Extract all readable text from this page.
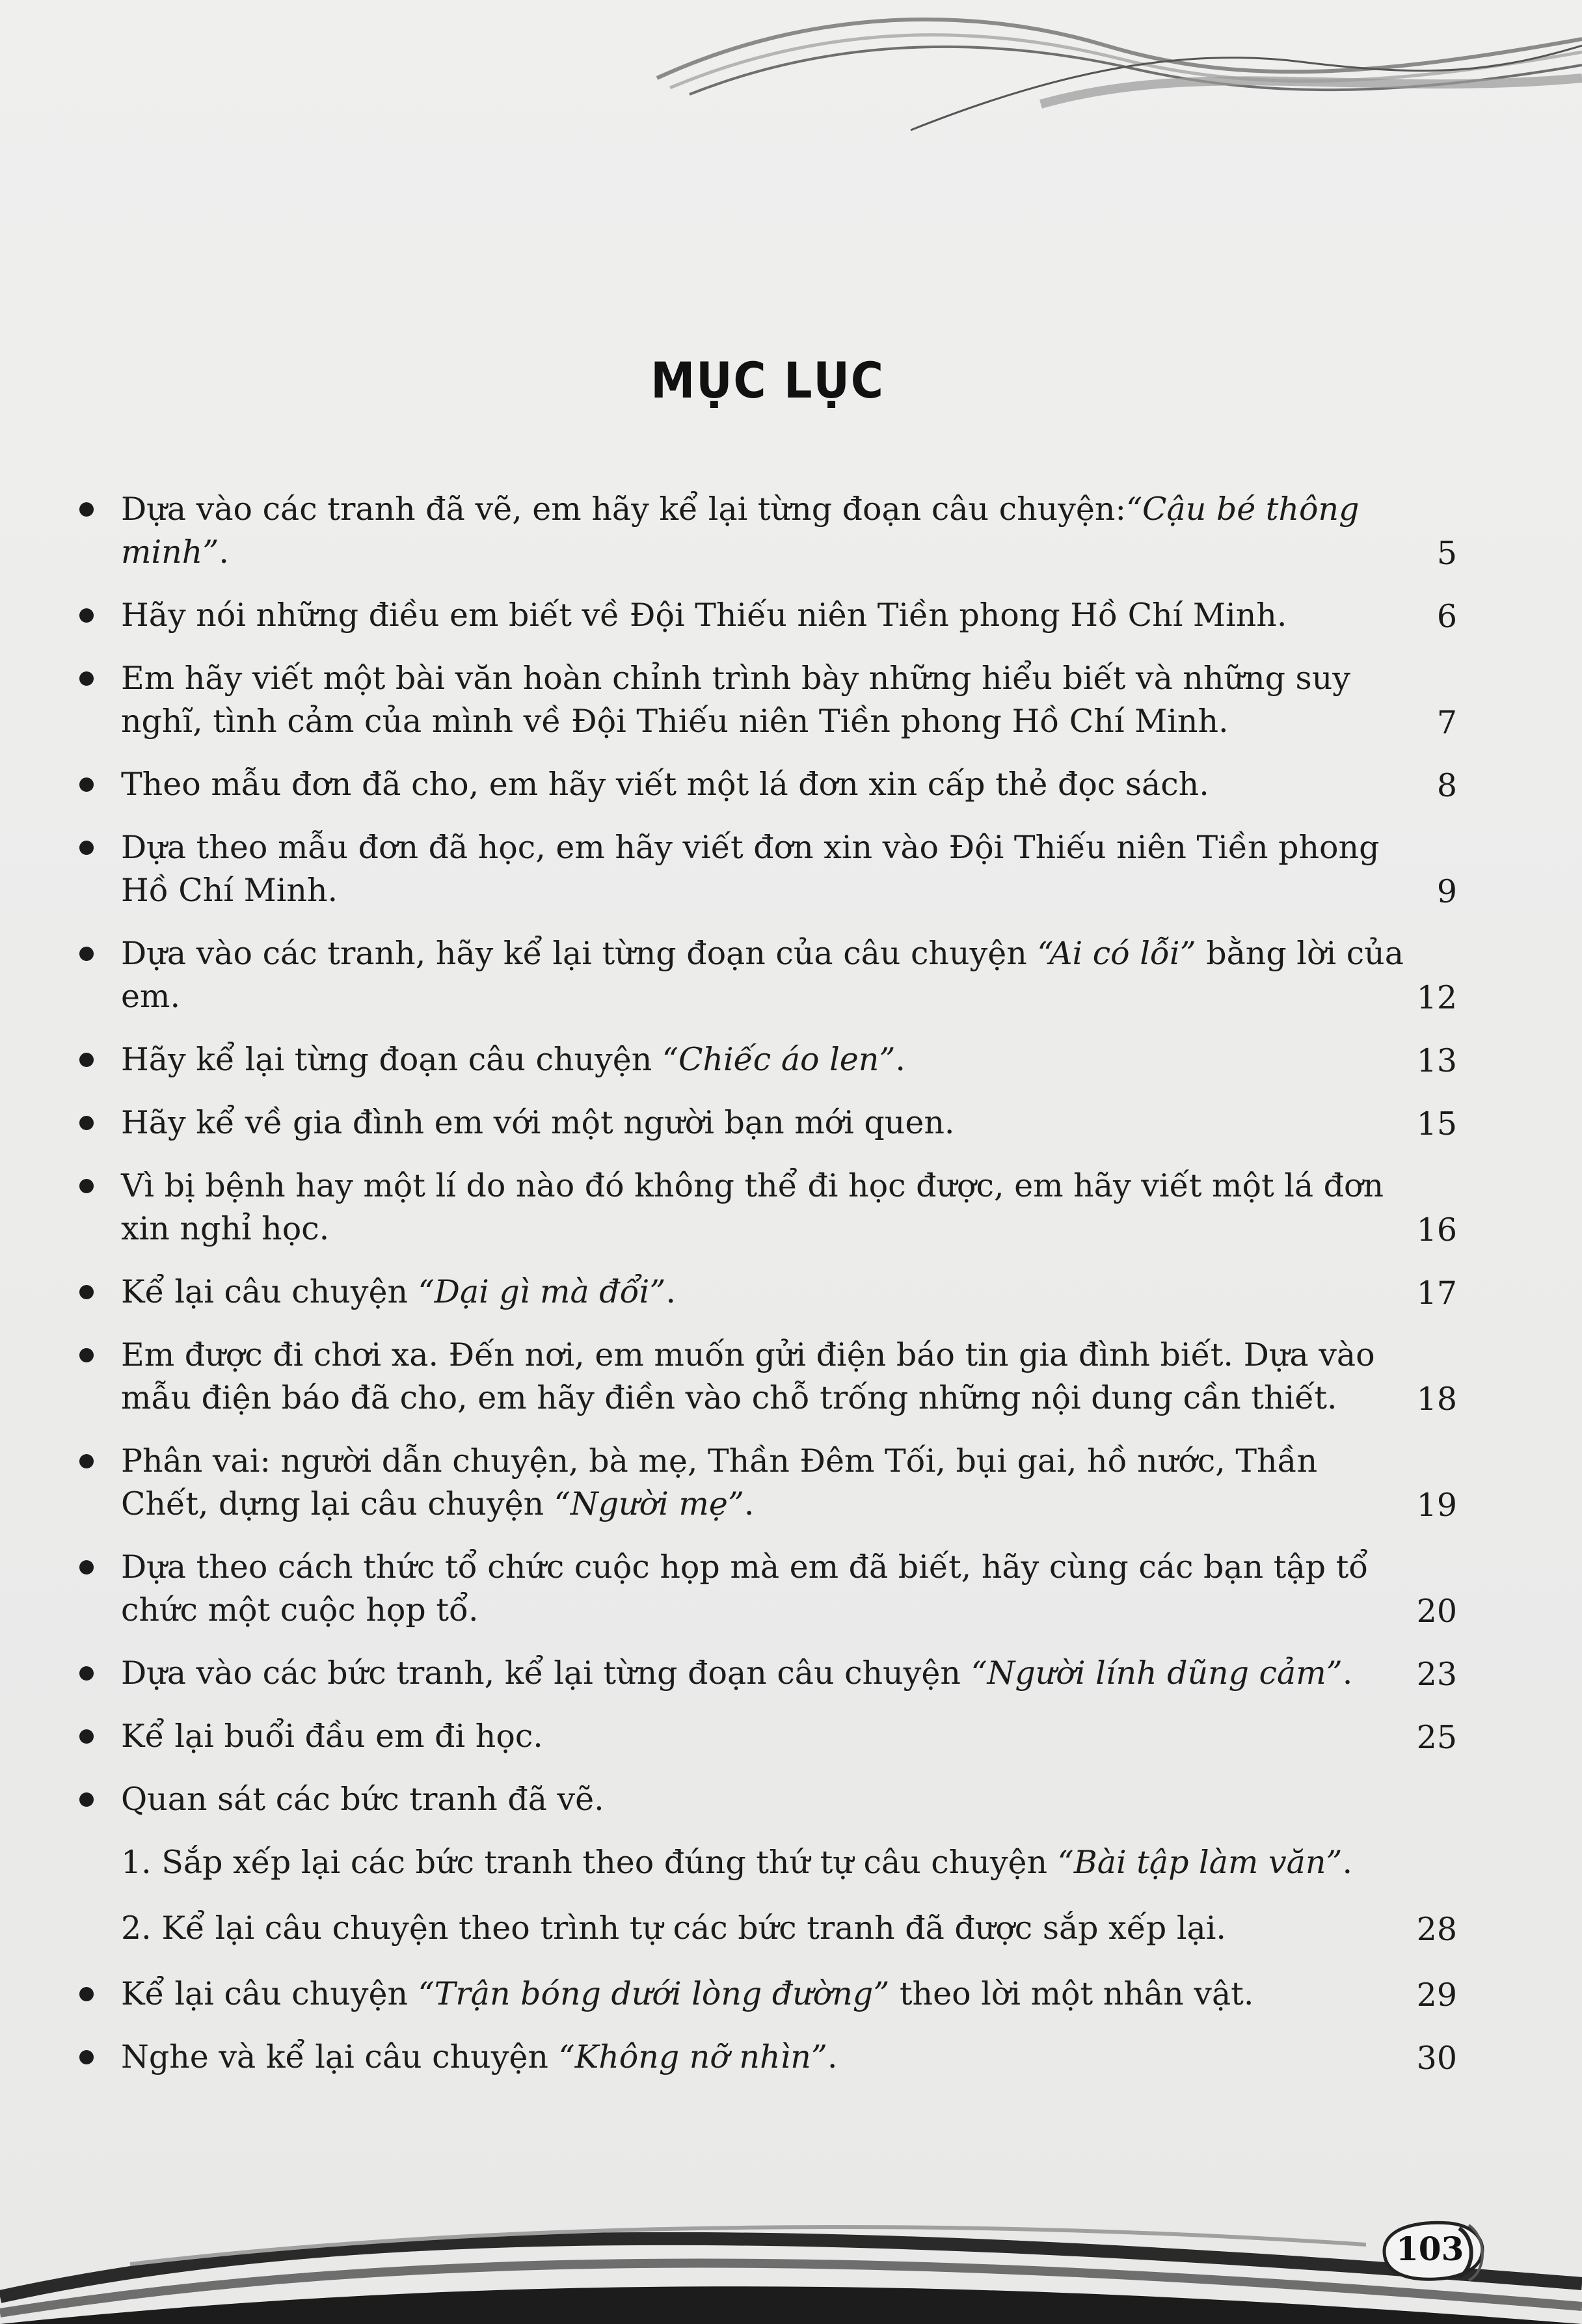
MỤC LỤC
Dựa vào các tranh đã vẽ, em hãy kể lại từng đoạn câu chuyện:“Cậu bé thông minh”.	5
Hãy nói những điều em biết về Đội Thiếu niên Tiền phong Hồ Chí Minh.	6
Em hãy viết một bài văn hoàn chỉnh trình bày những hiểu biết và những suy nghĩ, tình cảm của mình về Đội Thiếu niên Tiền phong Hồ Chí Minh.	7
Theo mẫu đơn đã cho, em hãy viết một lá đơn xin cấp thẻ đọc sách.	8
Dựa theo mẫu đơn đã học, em hãy viết đơn xin vào Đội Thiếu niên Tiền phong Hồ Chí Minh.	9
Dựa vào các tranh, hãy kể lại từng đoạn của câu chuyện “Ai có lỗi” bằng lời của em.	12
Hãy kể lại từng đoạn câu chuyện “Chiếc áo len”.	13
Hãy kể về gia đình em với một người bạn mới quen.	15
Vì bị bệnh hay một lí do nào đó không thể đi học được, em hãy viết một lá đơn xin nghỉ học.	16
Kể lại câu chuyện “Dại gì mà đổi”.	17
Em được đi chơi xa. Đến nơi, em muốn gửi điện báo tin gia đình biết. Dựa vào mẫu điện báo đã cho, em hãy điền vào chỗ trống những nội dung cần thiết.	18
Phân vai: người dẫn chuyện, bà mẹ, Thần Đêm Tối, bụi gai, hồ nước, Thần Chết, dựng lại câu chuyện “Người mẹ”.	19
Dựa theo cách thức tổ chức cuộc họp mà em đã biết, hãy cùng các bạn tập tổ chức một cuộc họp tổ.	20
Dựa vào các bức tranh, kể lại từng đoạn câu chuyện “Người lính dũng cảm”.	23
Kể lại buổi đầu em đi học.	25
Quan sát các bức tranh đã vẽ.
1. Sắp xếp lại các bức tranh theo đúng thứ tự câu chuyện “Bài tập làm văn”.
2. Kể lại câu chuyện theo trình tự các bức tranh đã được sắp xếp lại.	28
Kể lại câu chuyện “Trận bóng dưới lòng đường” theo lời một nhân vật.	29
Nghe và kể lại câu chuyện “Không nỡ nhìn”.	30
103
